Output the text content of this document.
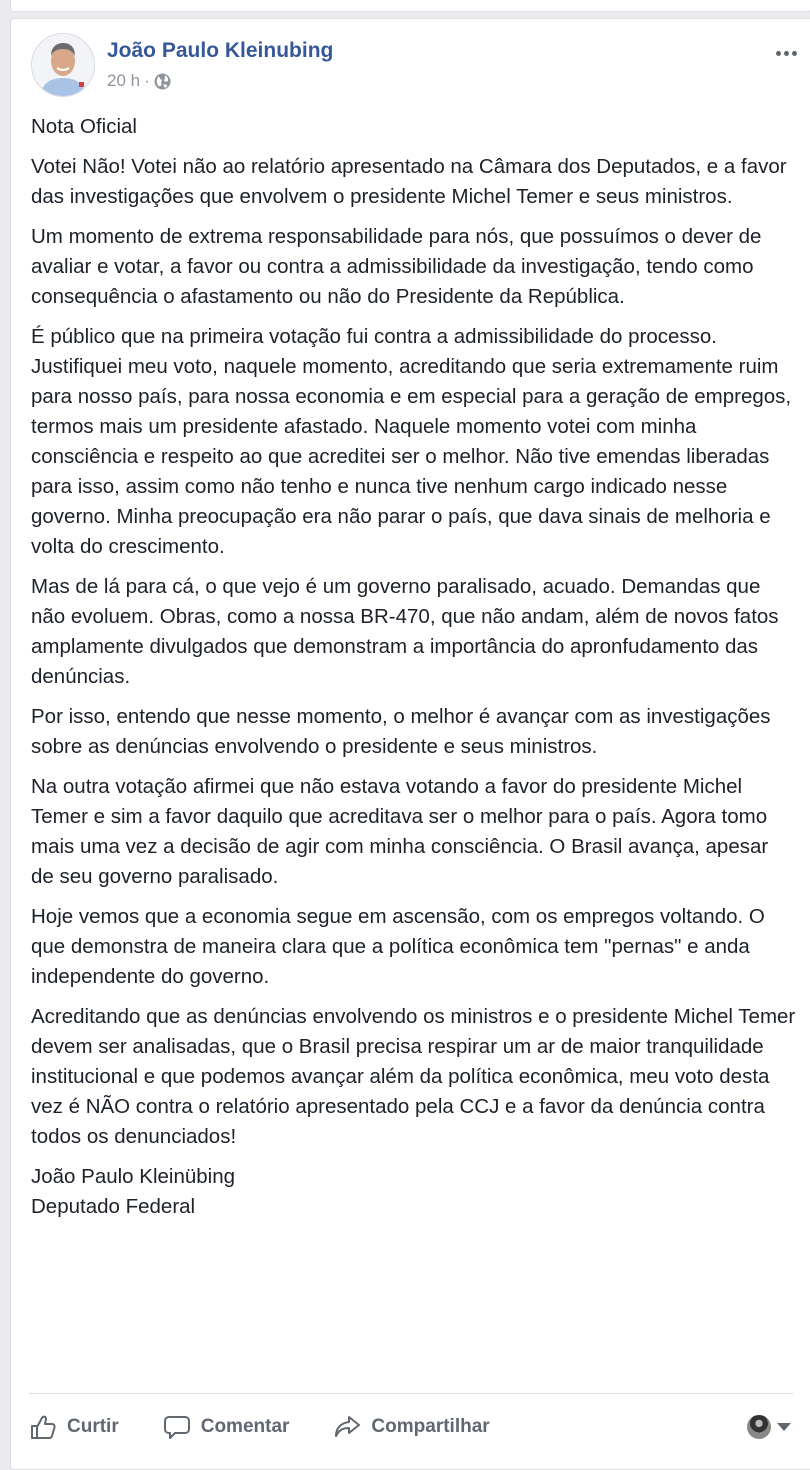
João Paulo Kleinubing
20 h ·

Nota Oficial

Votei Não! Votei não ao relatório apresentado na Câmara dos Deputados, e a favor das investigações que envolvem o presidente Michel Temer e seus ministros.

Um momento de extrema responsabilidade para nós, que possuímos o dever de avaliar e votar, a favor ou contra a admissibilidade da investigação, tendo como consequência o afastamento ou não do Presidente da República.

É público que na primeira votação fui contra a admissibilidade do processo. Justifiquei meu voto, naquele momento, acreditando que seria extremamente ruim para nosso país, para nossa economia e em especial para a geração de empregos, termos mais um presidente afastado. Naquele momento votei com minha consciência e respeito ao que acreditei ser o melhor. Não tive emendas liberadas para isso, assim como não tenho e nunca tive nenhum cargo indicado nesse governo. Minha preocupação era não parar o país, que dava sinais de melhoria e volta do crescimento.

Mas de lá para cá, o que vejo é um governo paralisado, acuado. Demandas que não evoluem. Obras, como a nossa BR-470, que não andam, além de novos fatos amplamente divulgados que demonstram a importância do apronfudamento das denúncias.

Por isso, entendo que nesse momento, o melhor é avançar com as investigações sobre as denúncias envolvendo o presidente e seus ministros.

Na outra votação afirmei que não estava votando a favor do presidente Michel Temer e sim a favor daquilo que acreditava ser o melhor para o país. Agora tomo mais uma vez a decisão de agir com minha consciência. O Brasil avança, apesar de seu governo paralisado.

Hoje vemos que a economia segue em ascensão, com os empregos voltando. O que demonstra de maneira clara que a política econômica tem "pernas" e anda independente do governo.

Acreditando que as denúncias envolvendo os ministros e o presidente Michel Temer devem ser analisadas, que o Brasil precisa respirar um ar de maior tranquilidade institucional e que podemos avançar além da política econômica, meu voto desta vez é NÃO contra o relatório apresentado pela CCJ e a favor da denúncia contra todos os denunciados!

João Paulo Kleinübing
Deputado Federal

Curtir	Comentar	Compartilhar
